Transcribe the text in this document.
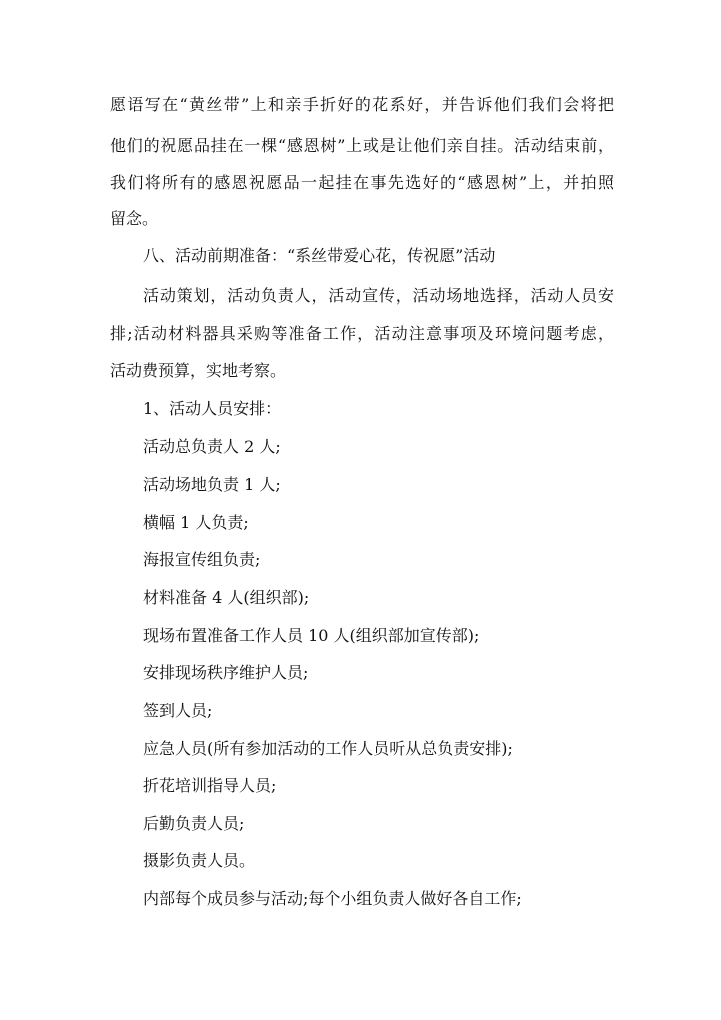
愿语写在“黄丝带”上和亲手折好的花系好，并告诉他们我们会将把
他们的祝愿品挂在一棵“感恩树”上或是让他们亲自挂。活动结束前，
我们将所有的感恩祝愿品一起挂在事先选好的“感恩树”上，并拍照
留念。
八、活动前期准备：“系丝带爱心花，传祝愿”活动
活动策划，活动负责人，活动宣传，活动场地选择，活动人员安
排;活动材料器具采购等准备工作，活动注意事项及环境问题考虑，
活动费预算，实地考察。
1、活动人员安排：
活动总负责人 2 人;
活动场地负责 1 人;
横幅 1 人负责;
海报宣传组负责;
材料准备 4 人(组织部);
现场布置准备工作人员 10 人(组织部加宣传部);
安排现场秩序维护人员;
签到人员;
应急人员(所有参加活动的工作人员听从总负责安排);
折花培训指导人员;
后勤负责人员;
摄影负责人员。
内部每个成员参与活动;每个小组负责人做好各自工作;
